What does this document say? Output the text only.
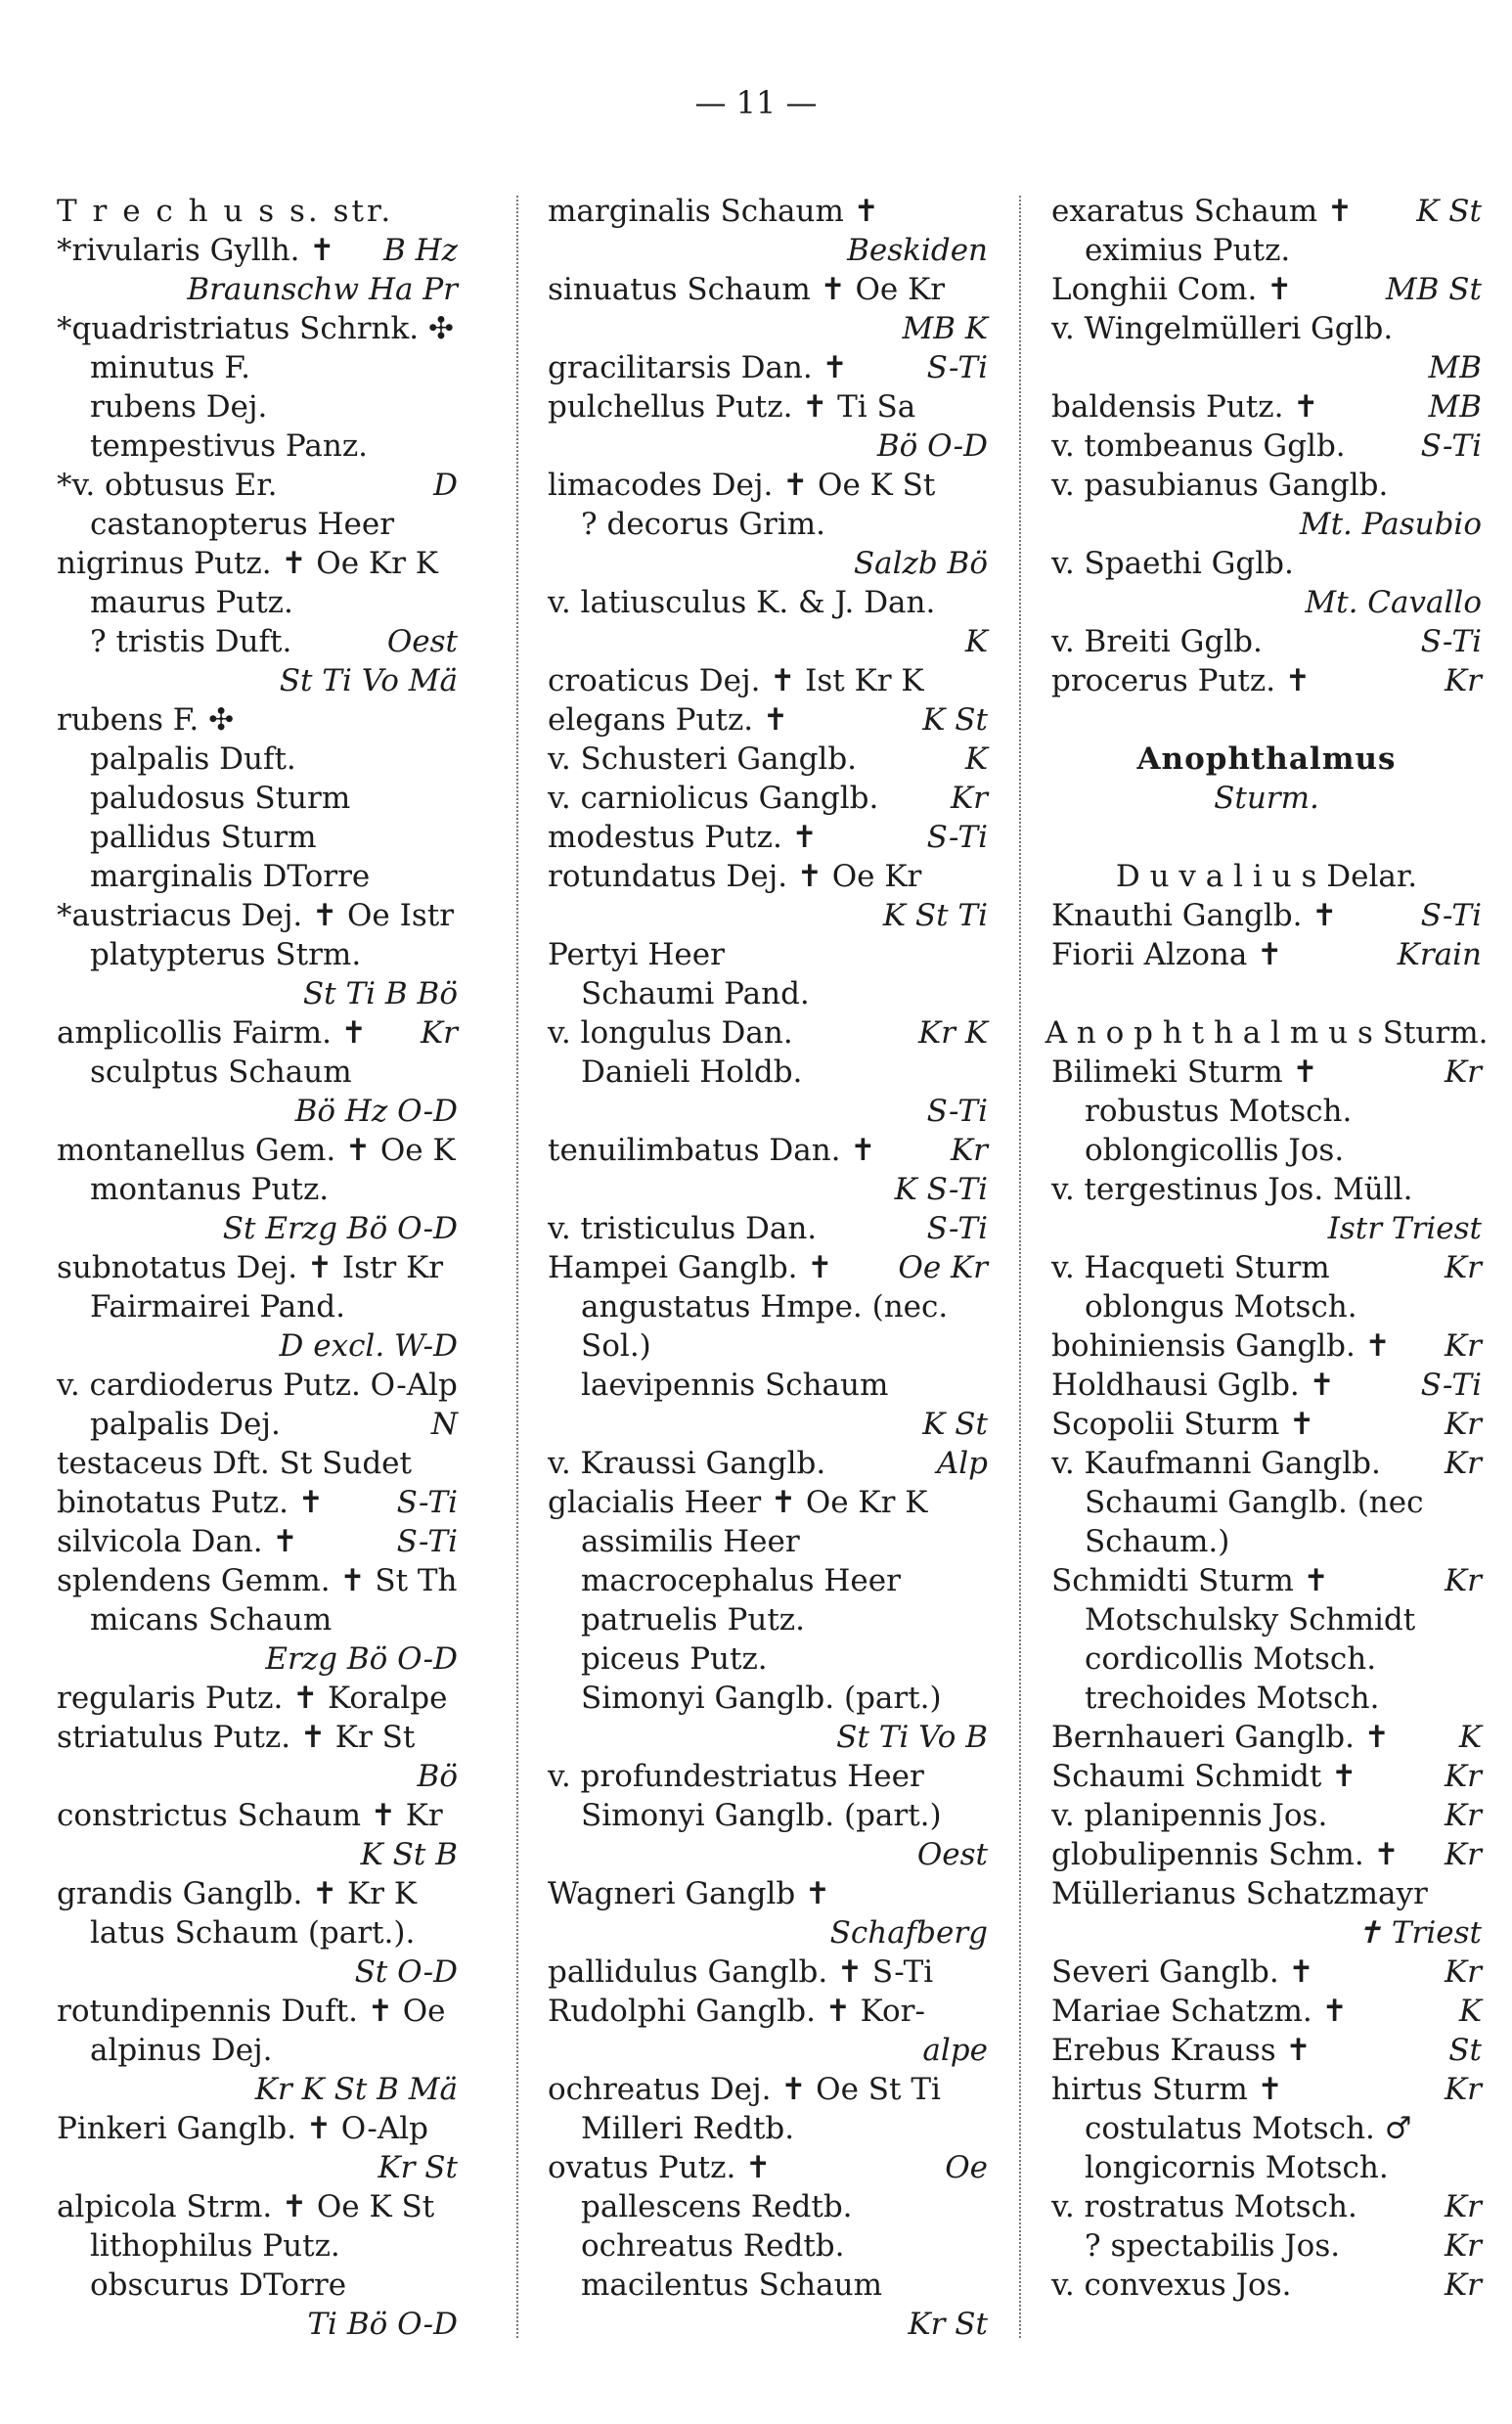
— 11 —
T r e c h u s s. str.
*rivularis Gyllh. ✝ B Hz
Braunschw Ha Pr
*quadristriatus Schrnk. ✣
minutus F.
rubens Dej.
tempestivus Panz.
*v. obtusus Er.	D
castanopterus Heer
nigrinus Putz. ✝ Oe Kr K
maurus Putz.
? tristis Duft.	Oest
St Ti Vo Mä
rubens F. ✣
palpalis Duft.
paludosus Sturm
pallidus Sturm
marginalis DTorre
*austriacus Dej. ✝ Oe Istr
platypterus Strm.
St Ti B Bö
amplicollis Fairm. ✝ Kr
sculptus Schaum
Bö Hz O-D
montanellus Gem. ✝ Oe K
montanus Putz.
St Erzg Bö O-D
subnotatus Dej. ✝ Istr Kr
Fairmairei Pand.
D excl. W-D
v. cardioderus Putz. O-Alp
palpalis Dej.	N
testaceus Dft. St Sudet
binotatus Putz. ✝ S-Ti
silvicola Dan. ✝	S-Ti
splendens Gemm. ✝ St Th
micans Schaum
Erzg Bö O-D
regularis Putz. ✝ Koralpe
striatulus Putz. ✝ Kr St
Bö
constrictus Schaum ✝ Kr
K St B
grandis Ganglb. ✝ Kr K
latus Schaum (part.).
St O-D
rotundipennis Duft. ✝ Oe
alpinus Dej.
Kr K St B Mä
Pinkeri Ganglb. ✝ O-Alp
Kr St
alpicola Strm. ✝ Oe K St
lithophilus Putz.
obscurus DTorre
Ti Bö O-D
marginalis Schaum ✝
Beskiden
sinuatus Schaum ✝ Oe Kr
MB K
gracilitarsis Dan. ✝	S-Ti
pulchellus Putz. ✝ Ti Sa
Bö O-D
limacodes Dej. ✝ Oe K St
? decorus Grim.
Salzb Bö
v. latiusculus K. & J. Dan.
K
croaticus Dej. ✝ Ist Kr K
elegans Putz. ✝	K St
v. Schusteri Ganglb.	K
v. carniolicus Ganglb. Kr
modestus Putz. ✝	S-Ti
rotundatus Dej. ✝ Oe Kr
K St Ti
Pertyi Heer
Schaumi Pand.
v. longulus Dan.	Kr K
Danieli Holdb.
S-Ti
tenuilimbatus Dan. ✝ Kr
K S-Ti
v. tristiculus Dan.	S-Ti
Hampei Ganglb. ✝ Oe Kr
angustatus Hmpe. (nec.
Sol.)
laevipennis Schaum
K St
v. Kraussi Ganglb.	Alp
glacialis Heer ✝ Oe Kr K
assimilis Heer
macrocephalus Heer
patruelis Putz.
piceus Putz.
Simonyi Ganglb. (part.)
St Ti Vo B
v. profundestriatus Heer
Simonyi Ganglb. (part.)
Oest
Wagneri Ganglb ✝
Schafberg
pallidulus Ganglb. ✝ S-Ti
Rudolphi Ganglb. ✝ Kor-
alpe
ochreatus Dej. ✝ Oe St Ti
Milleri Redtb.
ovatus Putz. ✝	Oe
pallescens Redtb.
ochreatus Redtb.
macilentus Schaum
Kr St
exaratus Schaum ✝ K St
eximius Putz.
Longhii Com. ✝	MB St
v. Wingelmülleri Gglb.
MB
baldensis Putz. ✝	MB
v. tombeanus Gglb. S-Ti
v. pasubianus Ganglb.
Mt. Pasubio
v. Spaethi Gglb.
Mt. Cavallo
v. Breiti Gglb.	S-Ti
procerus Putz. ✝	Kr
Anophthalmus
Sturm.
D u v a l i u s Delar.
Knauthi Ganglb. ✝	S-Ti
Fiorii Alzona ✝	Krain
A n o p h t h a l m u s Sturm.
Bilimeki Sturm ✝	Kr
robustus Motsch.
oblongicollis Jos.
v. tergestinus Jos. Müll.
Istr Triest
v. Hacqueti Sturm	Kr
oblongus Motsch.
bohiniensis Ganglb. ✝ Kr
Holdhausi Gglb. ✝	S-Ti
Scopolii Sturm ✝	Kr
v. Kaufmanni Ganglb. Kr
Schaumi Ganglb. (nec
Schaum.)
Schmidti Sturm ✝	Kr
Motschulsky Schmidt
cordicollis Motsch.
trechoides Motsch.
Bernhaueri Ganglb. ✝ K
Schaumi Schmidt ✝	Kr
v. planipennis Jos.	Kr
globulipennis Schm. ✝ Kr
Müllerianus Schatzmayr
✝ Triest
Severi Ganglb. ✝	Kr
Mariae Schatzm. ✝	K
Erebus Krauss ✝	St
hirtus Sturm ✝	Kr
costulatus Motsch. ♂
longicornis Motsch.
v. rostratus Motsch.	Kr
? spectabilis Jos.	Kr
v. convexus Jos.	Kr
